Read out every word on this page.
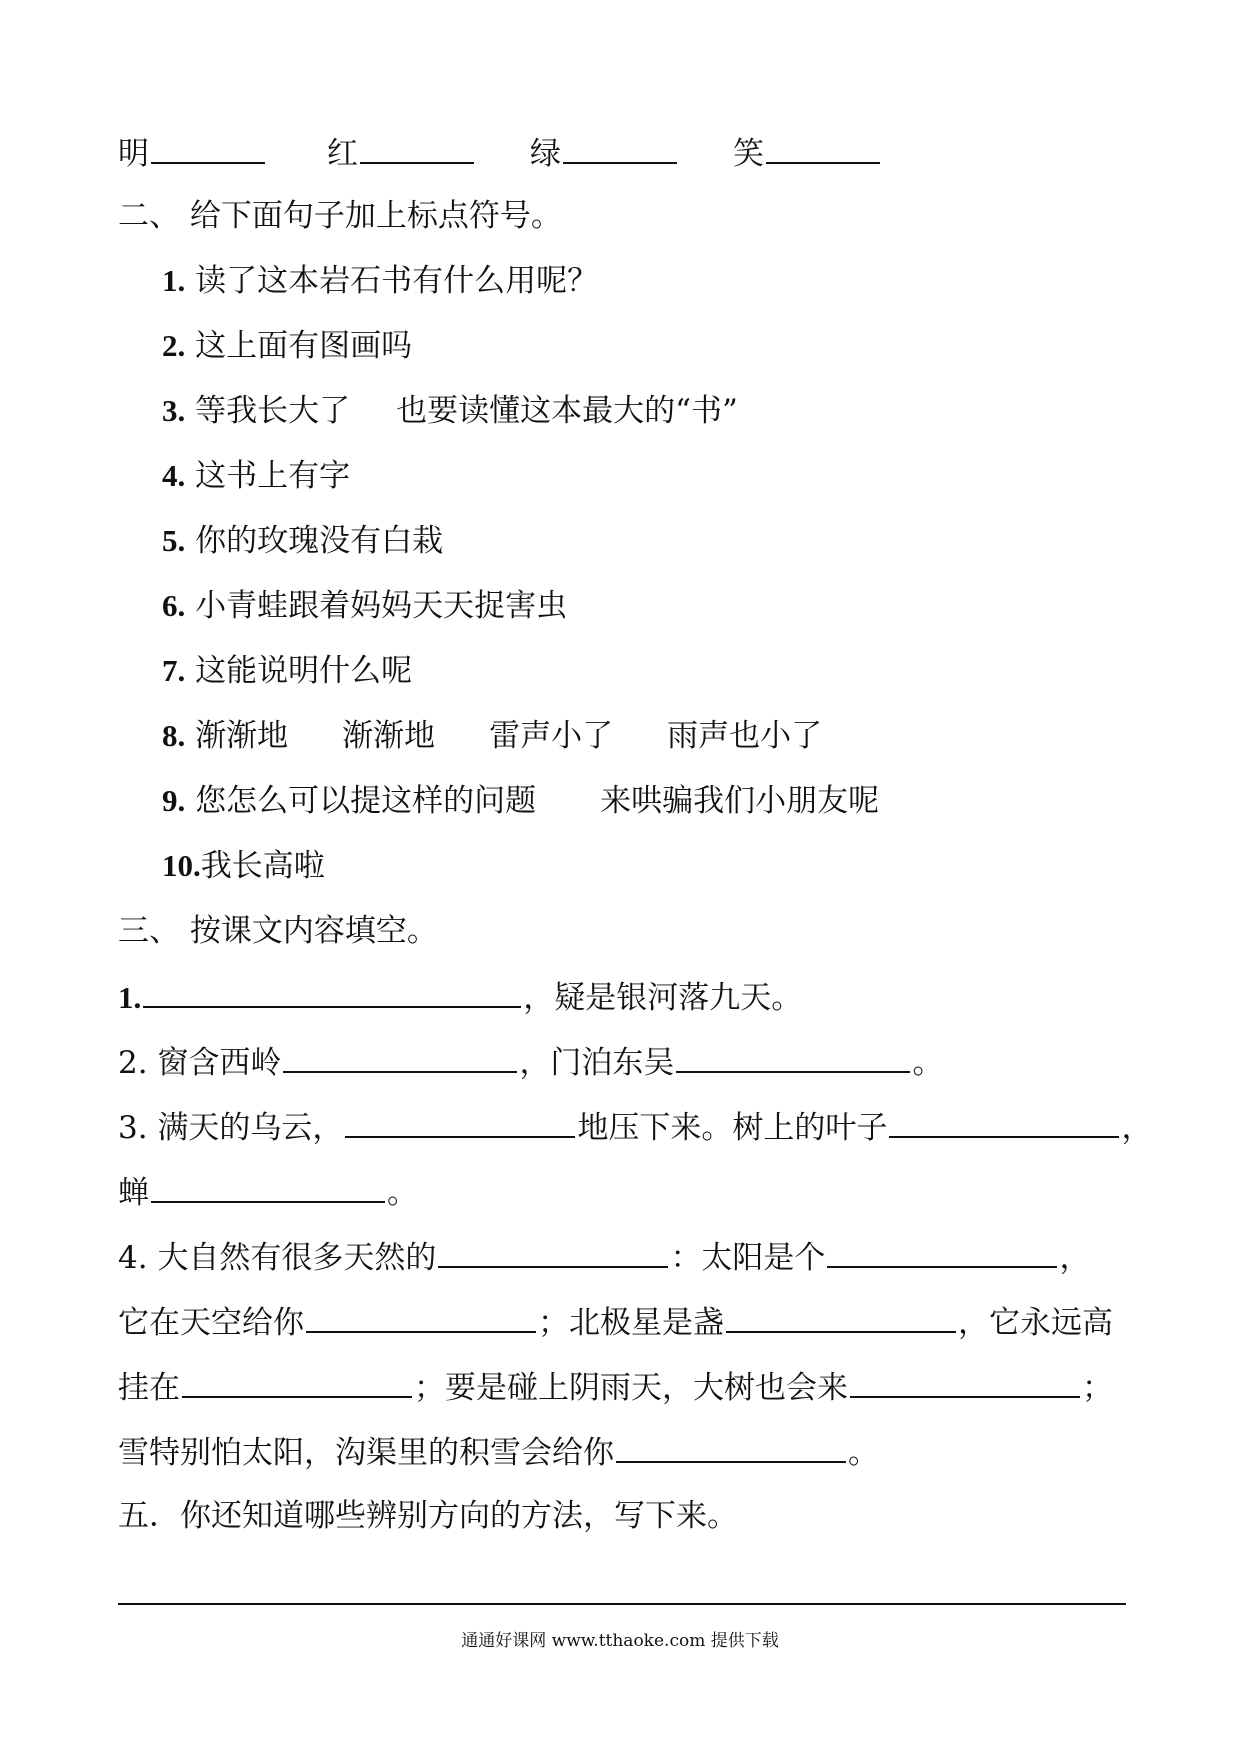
明	红	绿	笑
二、 给下面句子加上标点符号。
1. 读了这本岩石书有什么用呢？
2. 这上面有图画吗
3. 等我长大了 也要读懂这本最大的“书”
4. 这书上有字
5. 你的玫瑰没有白栽
6. 小青蛙跟着妈妈天天捉害虫
7. 这能说明什么呢
8. 渐渐地 渐渐地 雷声小了 雨声也小了
9. 您怎么可以提这样的问题 来哄骗我们小朋友呢
10.我长高啦
三、 按课文内容填空。
1.	，疑是银河落九天。
2. 窗含西岭	，门泊东吴	。
3. 满天的乌云，	地压下来。树上的叶子	，
蝉	。
4. 大自然有很多天然的	：太阳是个	，
它在天空给你	；北极星是盏	，它永远高
挂在	；要是碰上阴雨天，大树也会来	；
雪特别怕太阳，沟渠里的积雪会给你	。
五．你还知道哪些辨别方向的方法，写下来。
通通好课网 www.tthaoke.com 提供下载
